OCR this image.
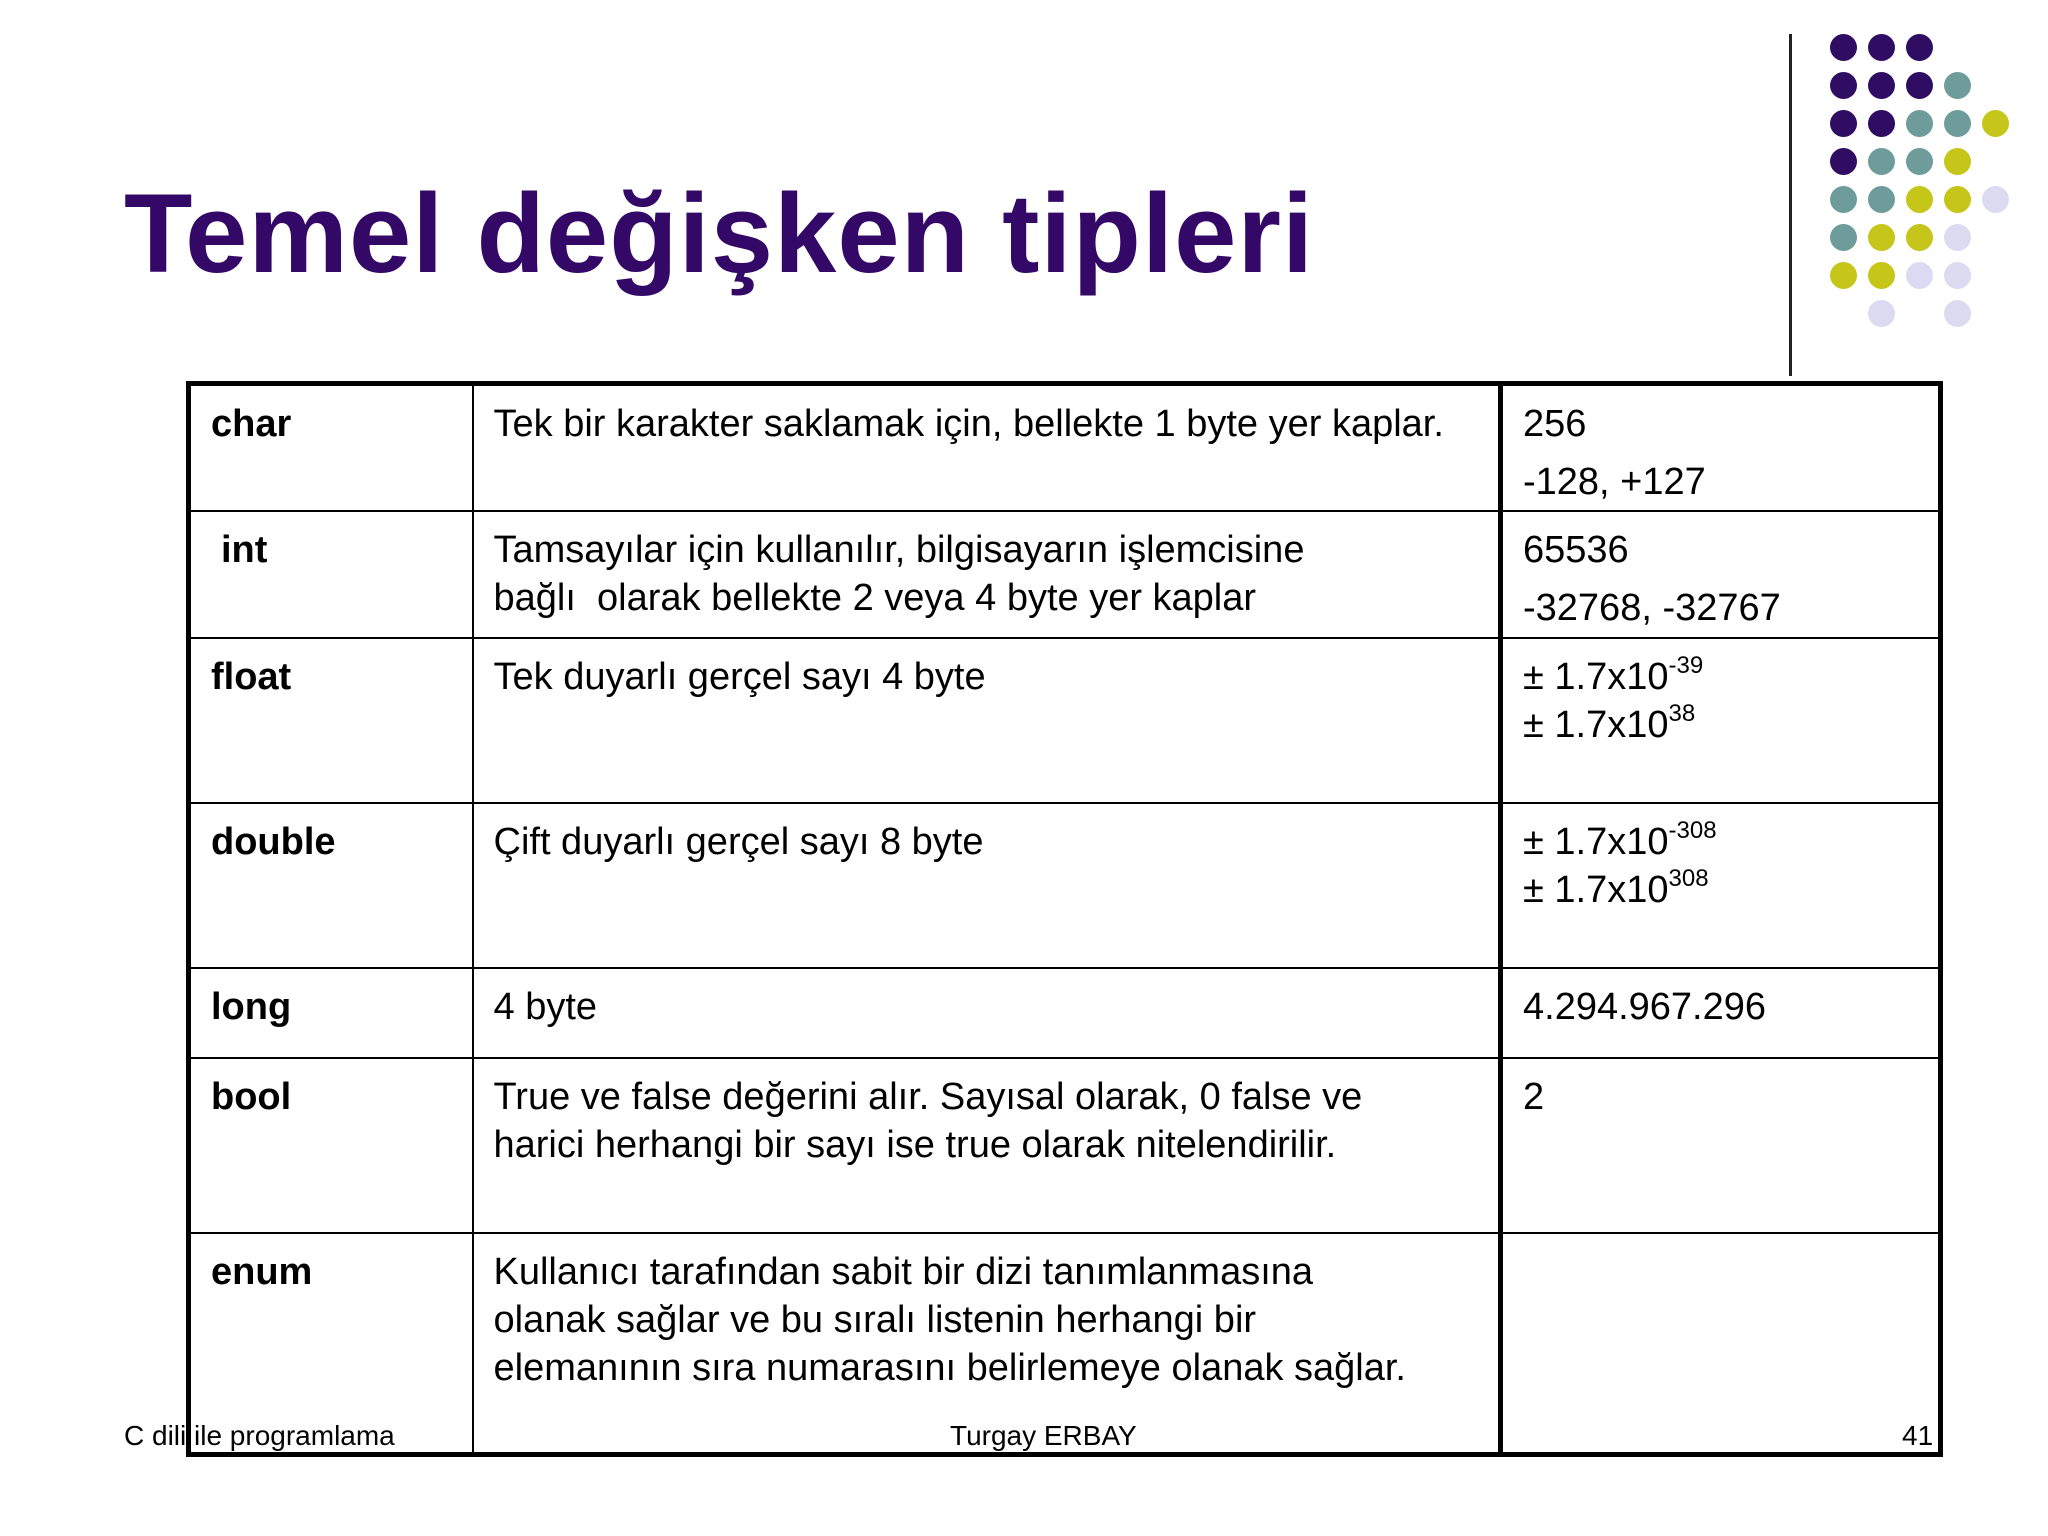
Temel değişken tipleri
char	Tek bir karakter saklamak için, bellekte 1 byte yer kaplar.	256
-128, +127

int	Tamsayılar için kullanılır, bilgisayarın işlemcisine
bağlı  olarak bellekte 2 veya 4 byte yer kaplar	65536
-32768, -32767

float	Tek duyarlı gerçel sayı 4 byte	± $1.7x10^{-39}$
± $1.7x10^{38}$

double	Çift duyarlı gerçel sayı 8 byte	± $1.7x10^{-308}$
± $1.7x10^{308}$

long	4 byte	4.294.967.296

bool	True ve false değerini alır. Sayısal olarak, 0 false ve
harici herhangi bir sayı ise true olarak nitelendirilir.	2

enum	Kullanıcı tarafından sabit bir dizi tanımlanmasına
olanak sağlar ve bu sıralı listenin herhangi bir
elemanının sıra numarasını belirlemeye olanak sağlar.	

C dili ile programlama	Turgay ERBAY	41
